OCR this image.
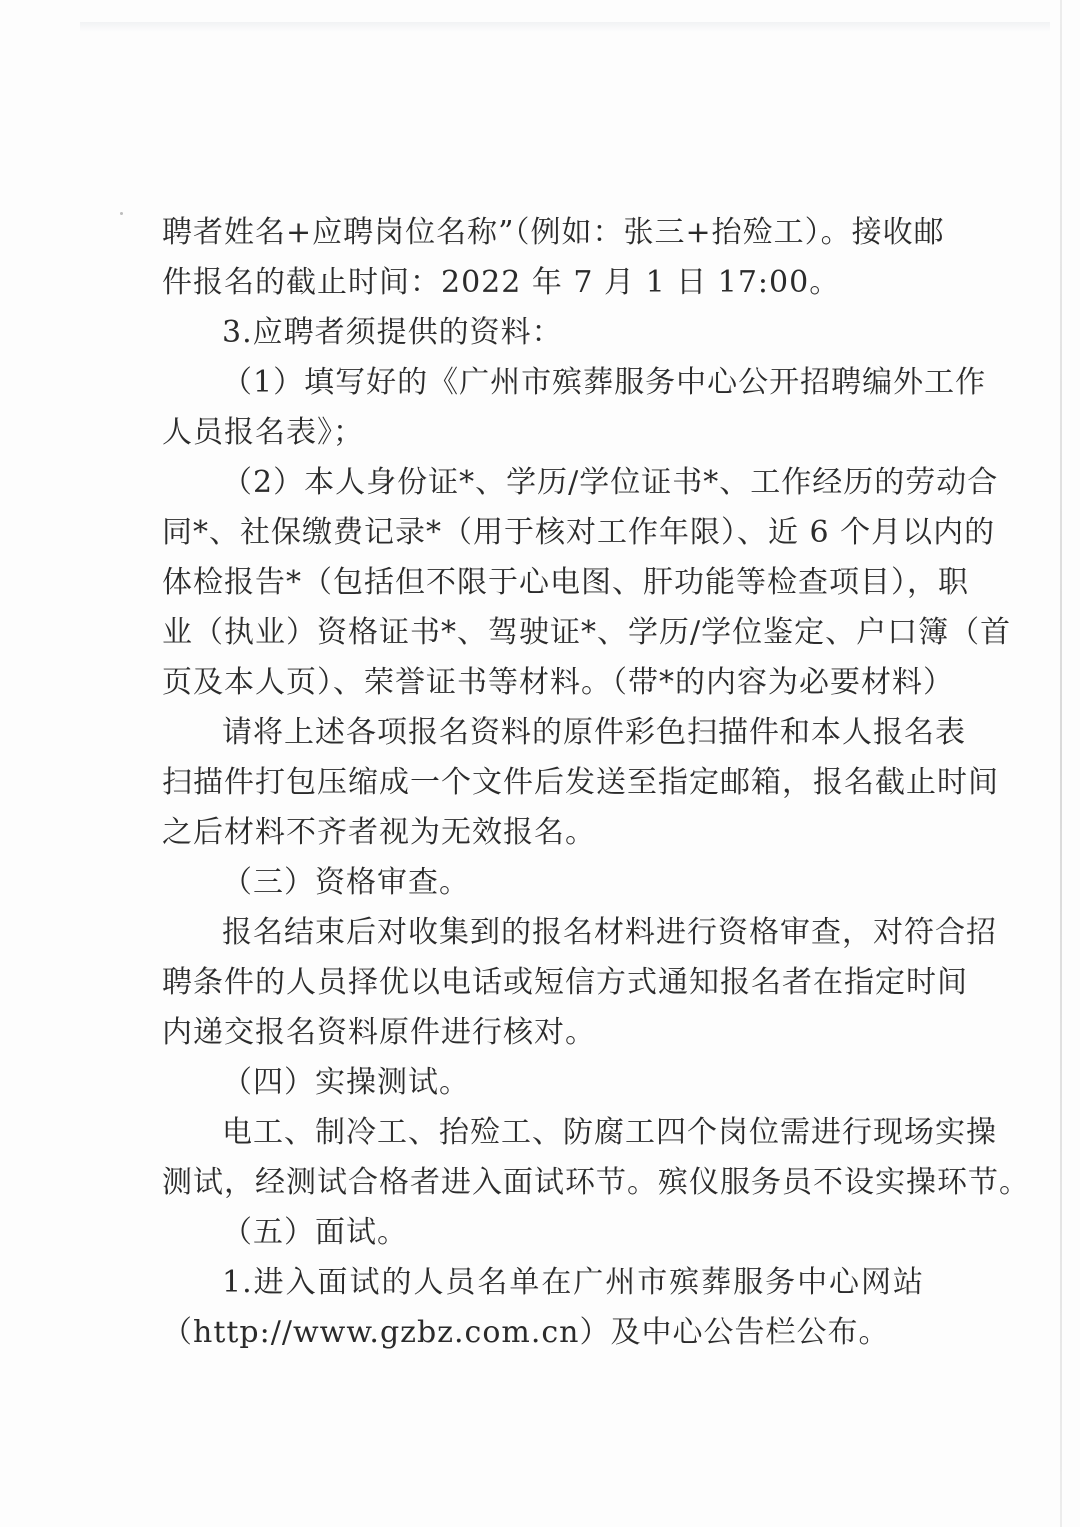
聘者姓名+应聘岗位名称”（例如：张三+抬殓工）。接收邮
件报名的截止时间：2022 年 7 月 1 日 17:00。
3.应聘者须提供的资料：
（1）填写好的《广州市殡葬服务中心公开招聘编外工作
人员报名表》；
（2）本人身份证*、学历/学位证书*、工作经历的劳动合
同*、社保缴费记录*（用于核对工作年限）、近 6 个月以内的
体检报告*（包括但不限于心电图、肝功能等检查项目），职
业（执业）资格证书*、驾驶证*、学历/学位鉴定、户口簿（首
页及本人页）、荣誉证书等材料。（带*的内容为必要材料）
请将上述各项报名资料的原件彩色扫描件和本人报名表
扫描件打包压缩成一个文件后发送至指定邮箱，报名截止时间
之后材料不齐者视为无效报名。
（三）资格审查。
报名结束后对收集到的报名材料进行资格审查，对符合招
聘条件的人员择优以电话或短信方式通知报名者在指定时间
内递交报名资料原件进行核对。
（四）实操测试。
电工、制冷工、抬殓工、防腐工四个岗位需进行现场实操
测试，经测试合格者进入面试环节。殡仪服务员不设实操环节。
（五）面试。
1.进入面试的人员名单在广州市殡葬服务中心网站
（http://www.gzbz.com.cn）及中心公告栏公布。
